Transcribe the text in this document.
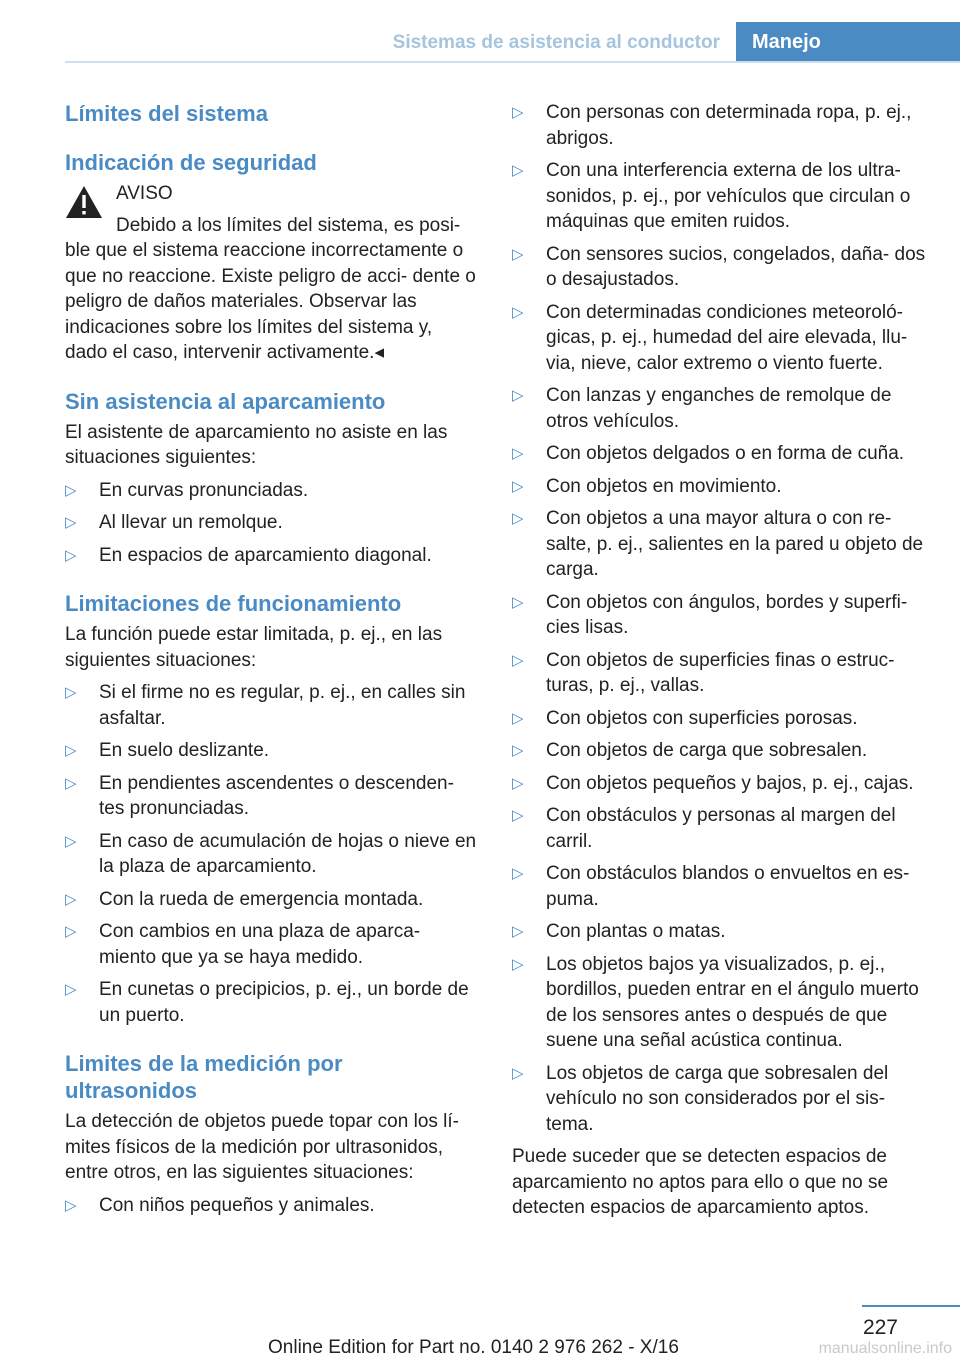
Sistemas de asistencia al conductor	Manejo
Límites del sistema
Indicación de seguridad

AVISO

Debido a los límites del sistema, es posi-

ble que el sistema reaccione incorrectamente o que no reaccione. Existe peligro de acci- dente o peligro de daños materiales. Observar las indicaciones sobre los límites del sistema y, dado el caso, intervenir activamente.◂

Sin asistencia al aparcamiento

El asistente de aparcamiento no asiste en las situaciones siguientes:

▷ En curvas pronunciadas.
▷ Al llevar un remolque.
▷ En espacios de aparcamiento diagonal.
Limitaciones de funcionamiento

La función puede estar limitada, p. ej., en las siguientes situaciones:

▷ Si el firme no es regular, p. ej., en calles sin asfaltar.
▷ En suelo deslizante.
▷ En pendientes ascendentes o descenden- tes pronunciadas.
▷ En caso de acumulación de hojas o nieve en la plaza de aparcamiento.
▷ Con la rueda de emergencia montada.
▷ Con cambios en una plaza de aparca- miento que ya se haya medido.
▷ En cunetas o precipicios, p. ej., un borde de un puerto.
Limites de la medición por ultrasonidos

La detección de objetos puede topar con los lí- mites físicos de la medición por ultrasonidos, entre otros, en las siguientes situaciones:

▷ Con niños pequeños y animales.
▷ Con personas con determinada ropa, p. ej., abrigos.
▷ Con una interferencia externa de los ultra- sonidos, p. ej., por vehículos que circulan o máquinas que emiten ruidos.
▷ Con sensores sucios, congelados, daña- dos o desajustados.
▷ Con determinadas condiciones meteoroló- gicas, p. ej., humedad del aire elevada, llu- via, nieve, calor extremo o viento fuerte.
▷ Con lanzas y enganches de remolque de otros vehículos.
▷ Con objetos delgados o en forma de cuña.
▷ Con objetos en movimiento.
▷ Con objetos a una mayor altura o con re- salte, p. ej., salientes en la pared u objeto de carga.
▷ Con objetos con ángulos, bordes y superfi- cies lisas.
▷ Con objetos de superficies finas o estruc- turas, p. ej., vallas.
▷ Con objetos con superficies porosas.
▷ Con objetos de carga que sobresalen.
▷ Con objetos pequeños y bajos, p. ej., cajas.
▷ Con obstáculos y personas al margen del carril.
▷ Con obstáculos blandos o envueltos en es- puma.
▷ Con plantas o matas.
▷ Los objetos bajos ya visualizados, p. ej., bordillos, pueden entrar en el ángulo muerto de los sensores antes o después de que suene una señal acústica continua.
▷ Los objetos de carga que sobresalen del vehículo no son considerados por el sis- tema.

Puede suceder que se detecten espacios de aparcamiento no aptos para ello o que no se detecten espacios de aparcamiento aptos.

227
Online Edition for Part no. 0140 2 976 262 - X/16	manualsonline.info
